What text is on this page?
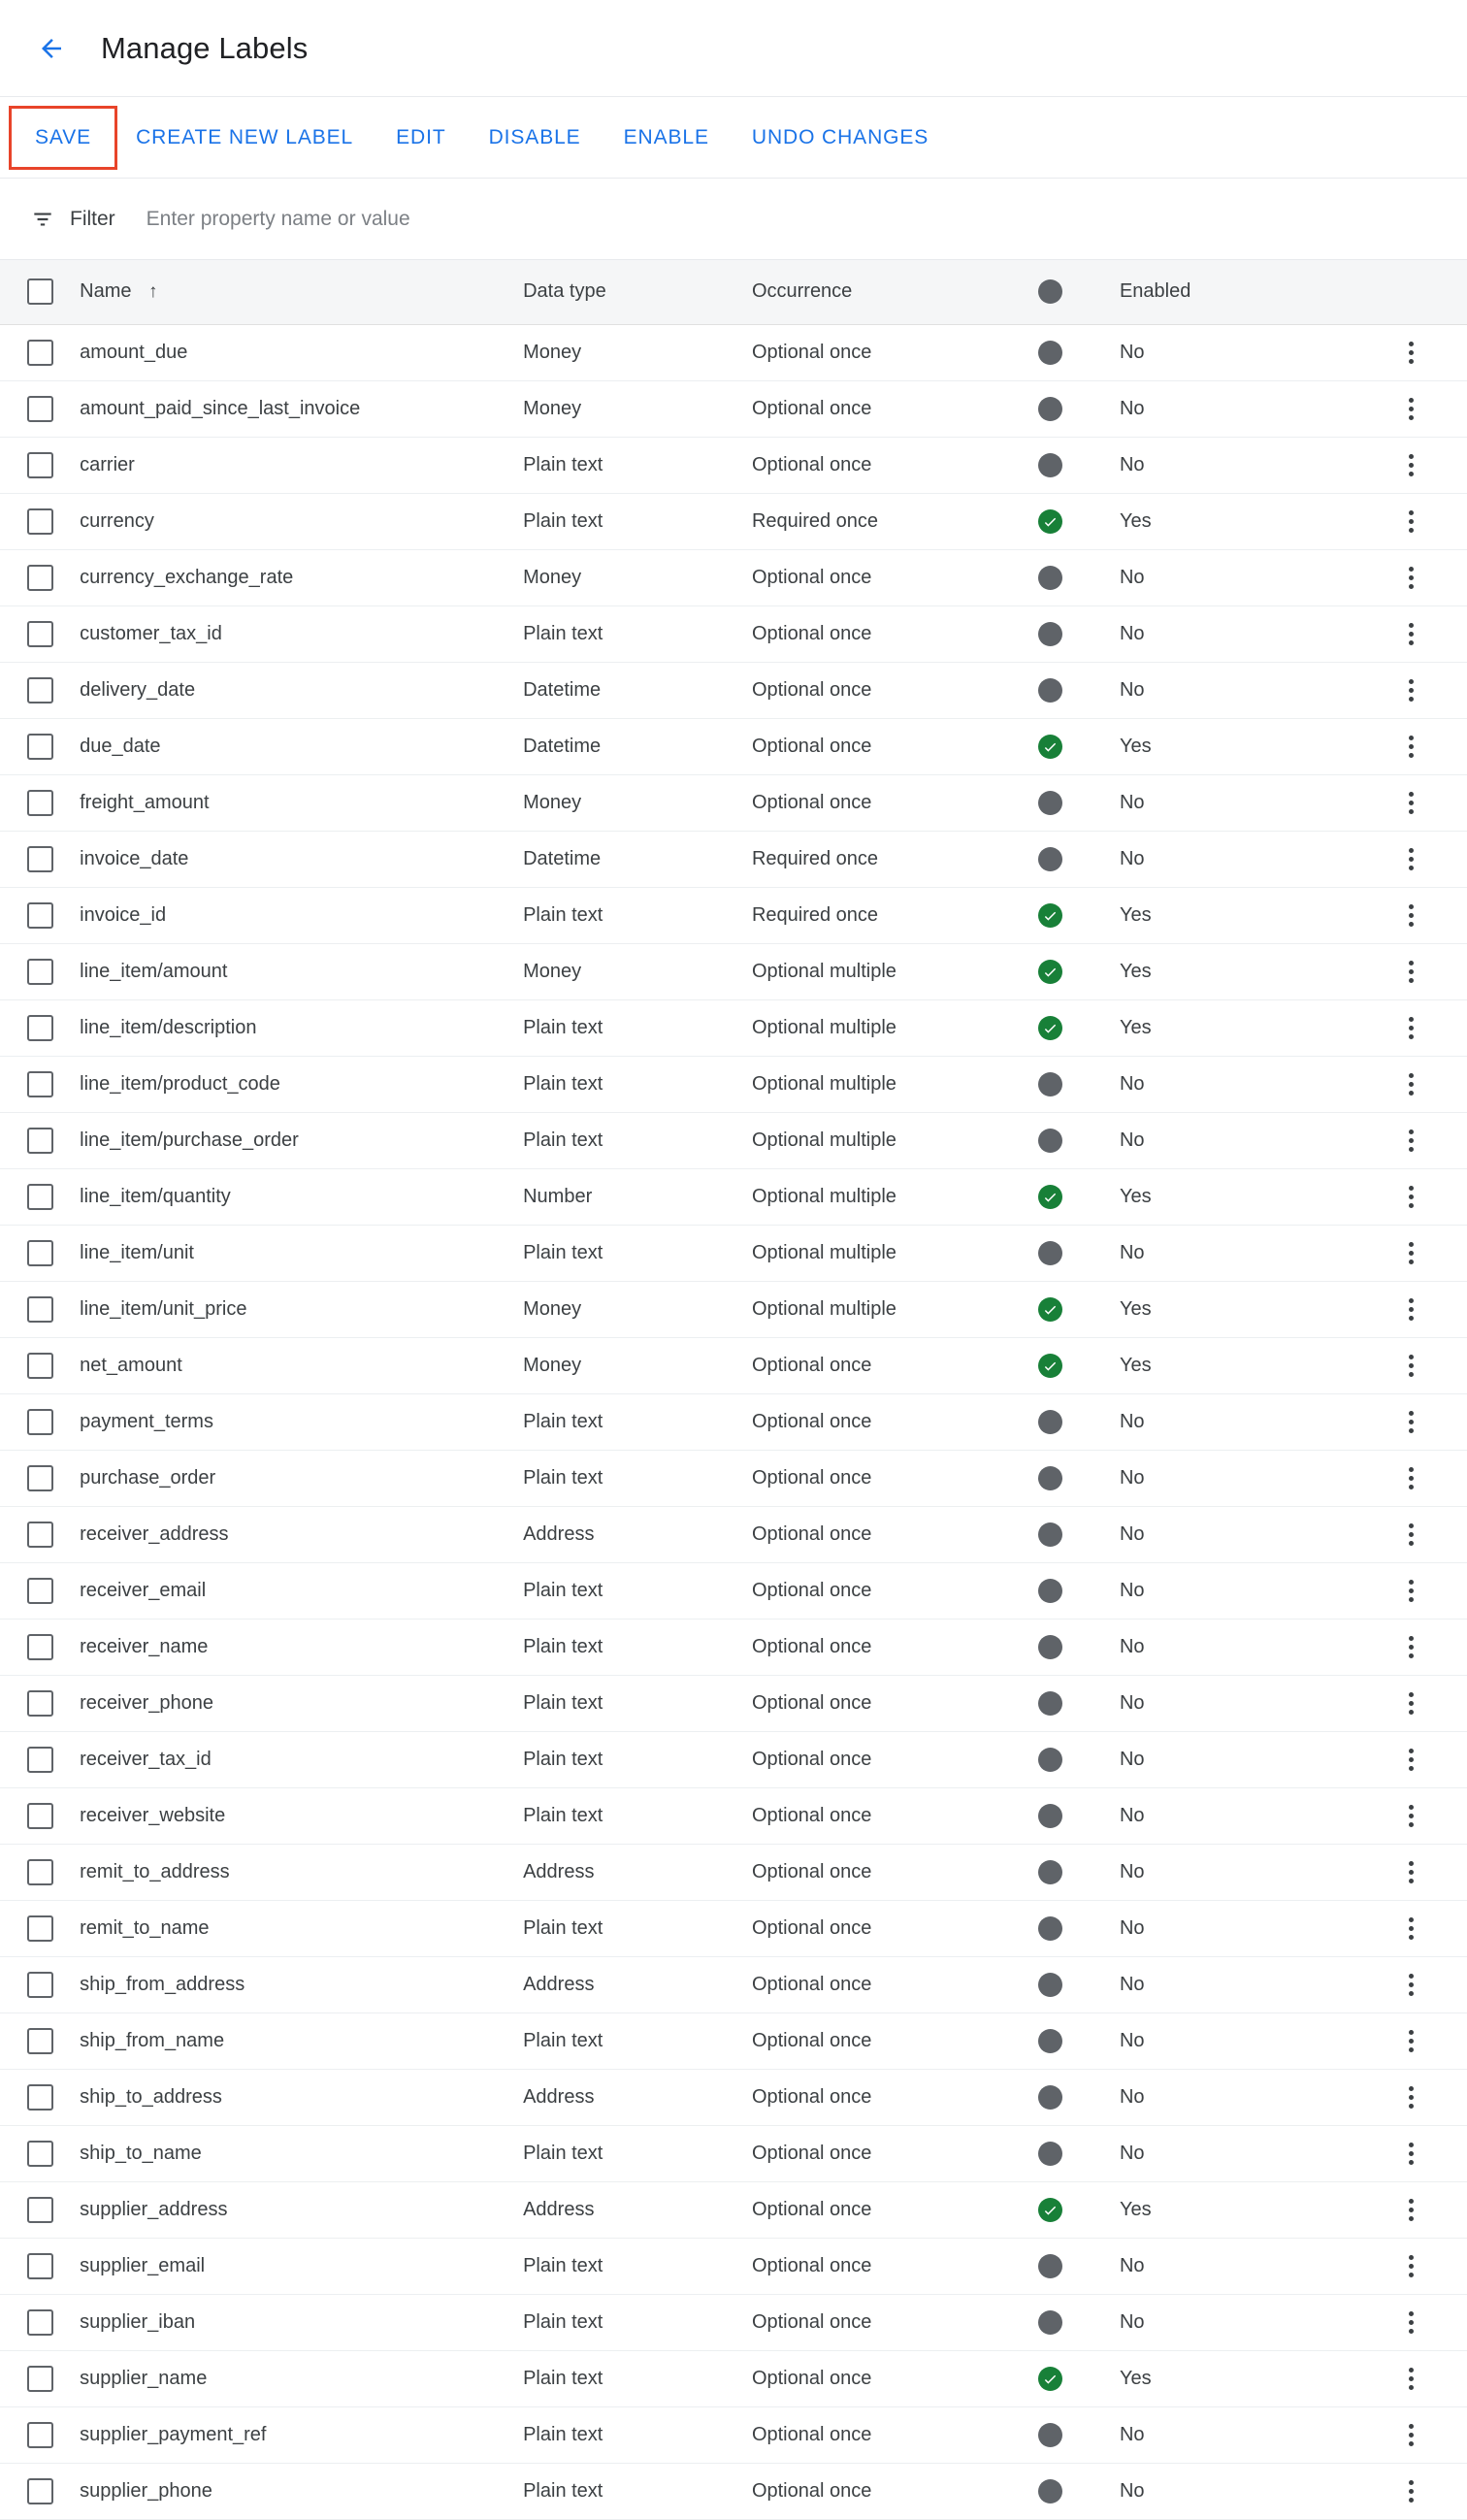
Manage Labels
SAVE	CREATE NEW LABEL	EDIT	DISABLE	ENABLE	UNDO CHANGES
Filter
Enter property name or value
	Name ↑	Data type	Occurrence		Enabled	

	amount_due	Money	Optional once		No	

	amount_paid_since_last_invoice	Money	Optional once		No	

	carrier	Plain text	Optional once		No	

	currency	Plain text	Required once		Yes	

	currency_exchange_rate	Money	Optional once		No	

	customer_tax_id	Plain text	Optional once		No	

	delivery_date	Datetime	Optional once		No	

	due_date	Datetime	Optional once		Yes	

	freight_amount	Money	Optional once		No	

	invoice_date	Datetime	Required once		No	

	invoice_id	Plain text	Required once		Yes	

	line_item/amount	Money	Optional multiple		Yes	

	line_item/description	Plain text	Optional multiple		Yes	

	line_item/product_code	Plain text	Optional multiple		No	

	line_item/purchase_order	Plain text	Optional multiple		No	

	line_item/quantity	Number	Optional multiple		Yes	

	line_item/unit	Plain text	Optional multiple		No	

	line_item/unit_price	Money	Optional multiple		Yes	

	net_amount	Money	Optional once		Yes	

	payment_terms	Plain text	Optional once		No	

	purchase_order	Plain text	Optional once		No	

	receiver_address	Address	Optional once		No	

	receiver_email	Plain text	Optional once		No	

	receiver_name	Plain text	Optional once		No	

	receiver_phone	Plain text	Optional once		No	

	receiver_tax_id	Plain text	Optional once		No	

	receiver_website	Plain text	Optional once		No	

	remit_to_address	Address	Optional once		No	

	remit_to_name	Plain text	Optional once		No	

	ship_from_address	Address	Optional once		No	

	ship_from_name	Plain text	Optional once		No	

	ship_to_address	Address	Optional once		No	

	ship_to_name	Plain text	Optional once		No	

	supplier_address	Address	Optional once		Yes	

	supplier_email	Plain text	Optional once		No	

	supplier_iban	Plain text	Optional once		No	

	supplier_name	Plain text	Optional once		Yes	

	supplier_payment_ref	Plain text	Optional once		No	

	supplier_phone	Plain text	Optional once		No	
